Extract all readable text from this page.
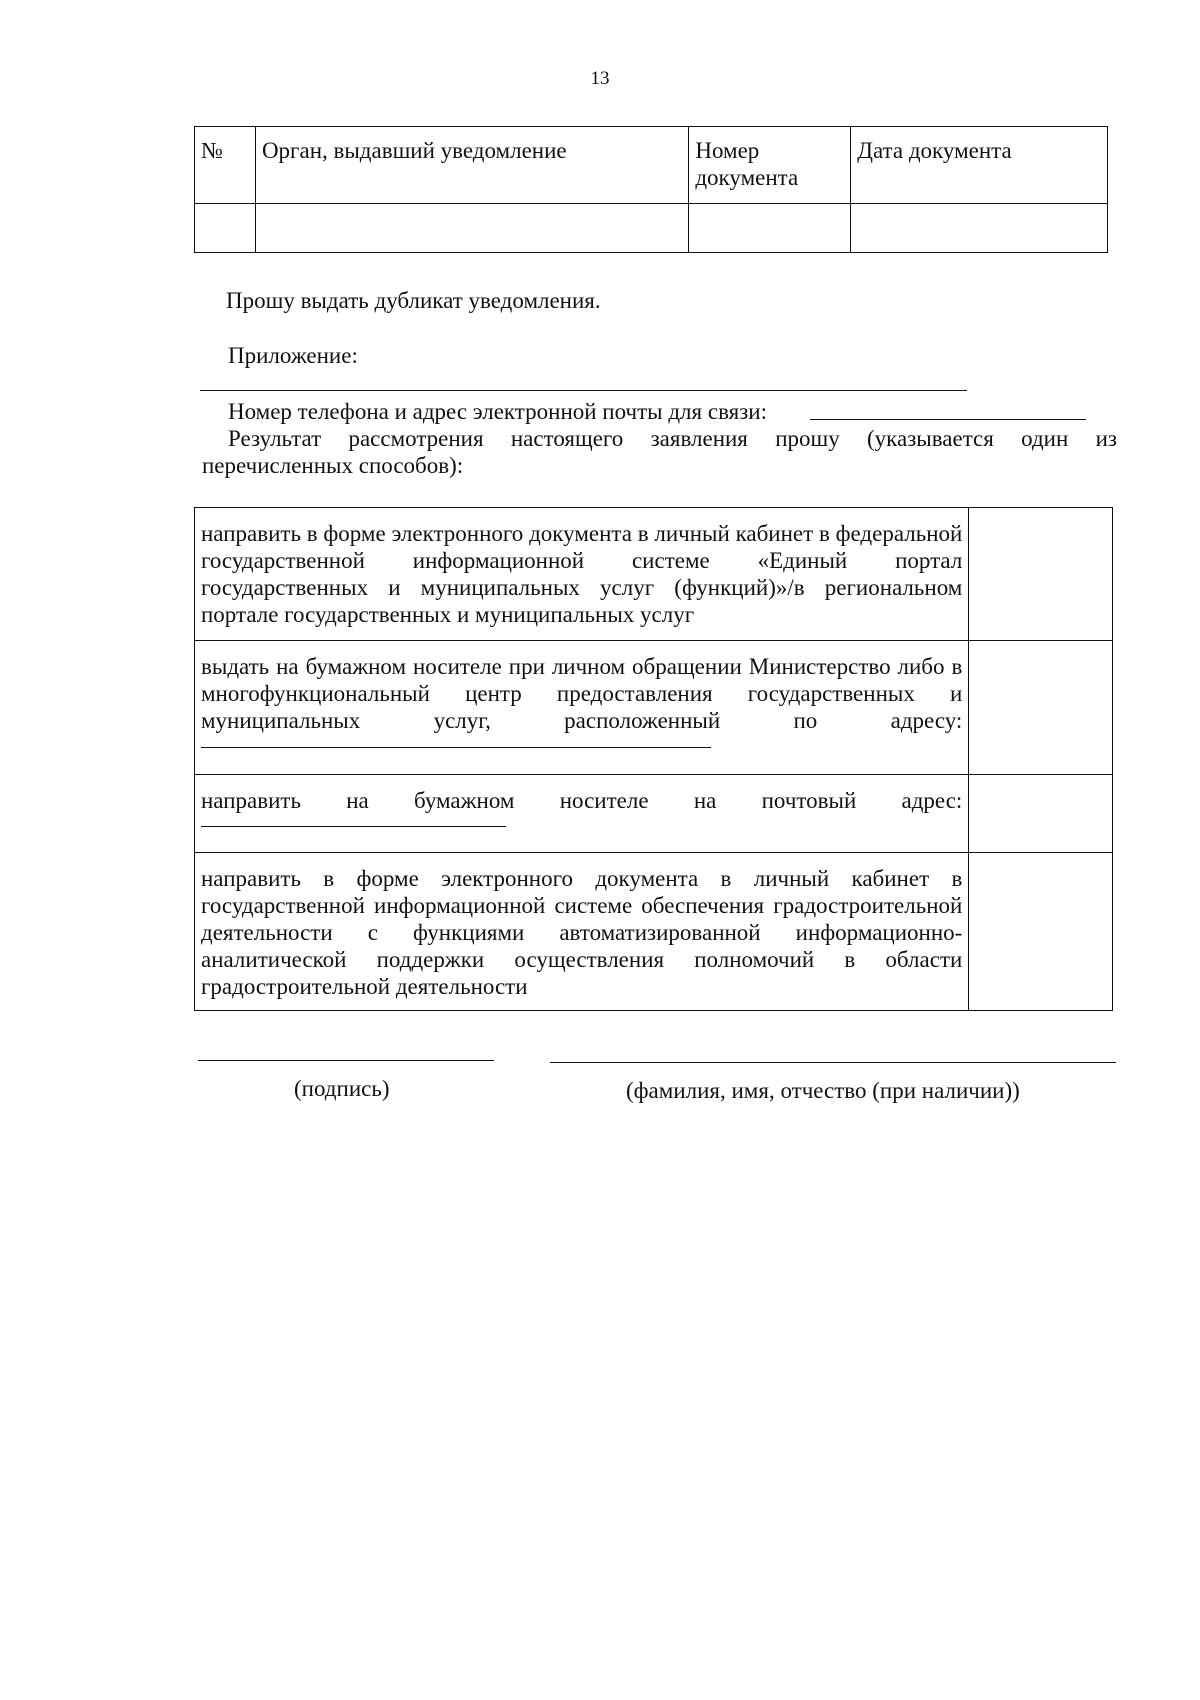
13
№	Орган, выдавший уведомление	Номер документа	Дата документа

Прошу выдать дубликат уведомления.
Приложение:
Номер телефона и адрес электронной почты для связи:
Результат рассмотрения настоящего заявления прошу (указывается один из перечисленных способов):
направить в форме электронного документа в личный кабинет в федеральной государственной информационной системе «Единый портал государственных и муниципальных услуг (функций)»/в региональном портале государственных и муниципальных услуг	

выдать на бумажном носителе при личном обращении Министерство либо в многофункциональный центр предоставления государственных и муниципальных услуг, расположенный по адресу:	

направить на бумажном носителе на почтовый адрес:	

направить в форме электронного документа в личный кабинет в государственной информационной системе обеспечения градостроительной деятельности с функциями автоматизированной информационно-аналитической поддержки осуществления полномочий в области градостроительной деятельности	
(подпись)	(фамилия, имя, отчество (при наличии))
